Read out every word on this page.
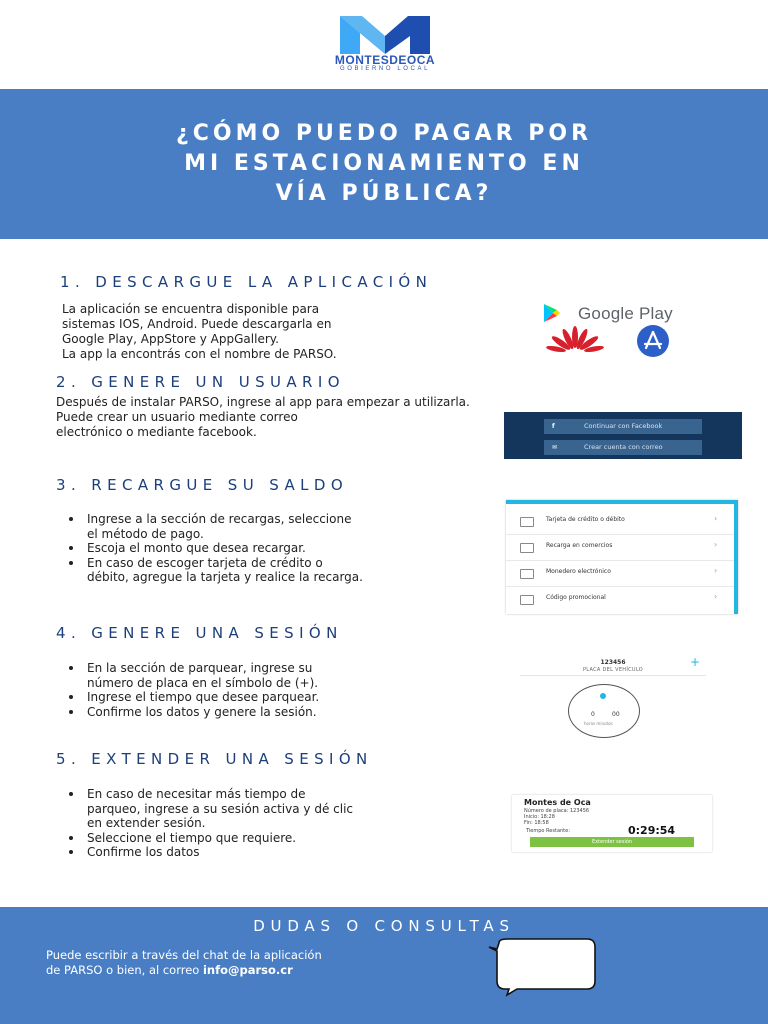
MONTESDEOCA
GOBIERNO LOCAL
¿CÓMO PUEDO PAGAR POR
MI ESTACIONAMIENTO EN
VÍA PÚBLICA?
1. DESCARGUE LA APLICACIÓN
La aplicación se encuentra disponible para
sistemas IOS, Android. Puede descargarla en
Google Play, AppStore y AppGallery.
La app la encontrás con el nombre de PARSO.
Google Play
2. GENERE UN USUARIO
Después de instalar PARSO, ingrese al app para empezar a utilizarla.
Puede crear un usuario mediante correo
electrónico o mediante facebook.	f	Continuar con Facebook
✉	Crear cuenta con correo
3. RECARGUE SU SALDO
Ingrese a la sección de recargas, seleccione
el método de pago.
Escoja el monto que desea recargar.
En caso de escoger tarjeta de crédito o
débito, agregue la tarjeta y realice la recarga.
Tarjeta de crédito o débito	›
Recarga en comercios	›
Monedero electrónico	›
Código promocional	›
4. GENERE UNA SESIÓN
En la sección de parquear, ingrese su
número de placa en el símbolo de (+).
Ingrese el tiempo que desee parquear.
Confirme los datos y genere la sesión.
123456
PLACA DEL VEHÍCULO
+
0	00
horas minutos
5. EXTENDER UNA SESIÓN
En caso de necesitar más tiempo de
parqueo, ingrese a su sesión activa y dé clic
en extender sesión.
Seleccione el tiempo que requiere.
Confirme los datos
Montes de Oca
Número de placa: 123456
Inicio: 18:28
Fin: 18:58
Tiempo Restante:	0:29:54
Extender sesión
DUDAS O CONSULTAS
Puede escribir a través del chat de la aplicación
de PARSO o bien, al correo info@parso.cr
